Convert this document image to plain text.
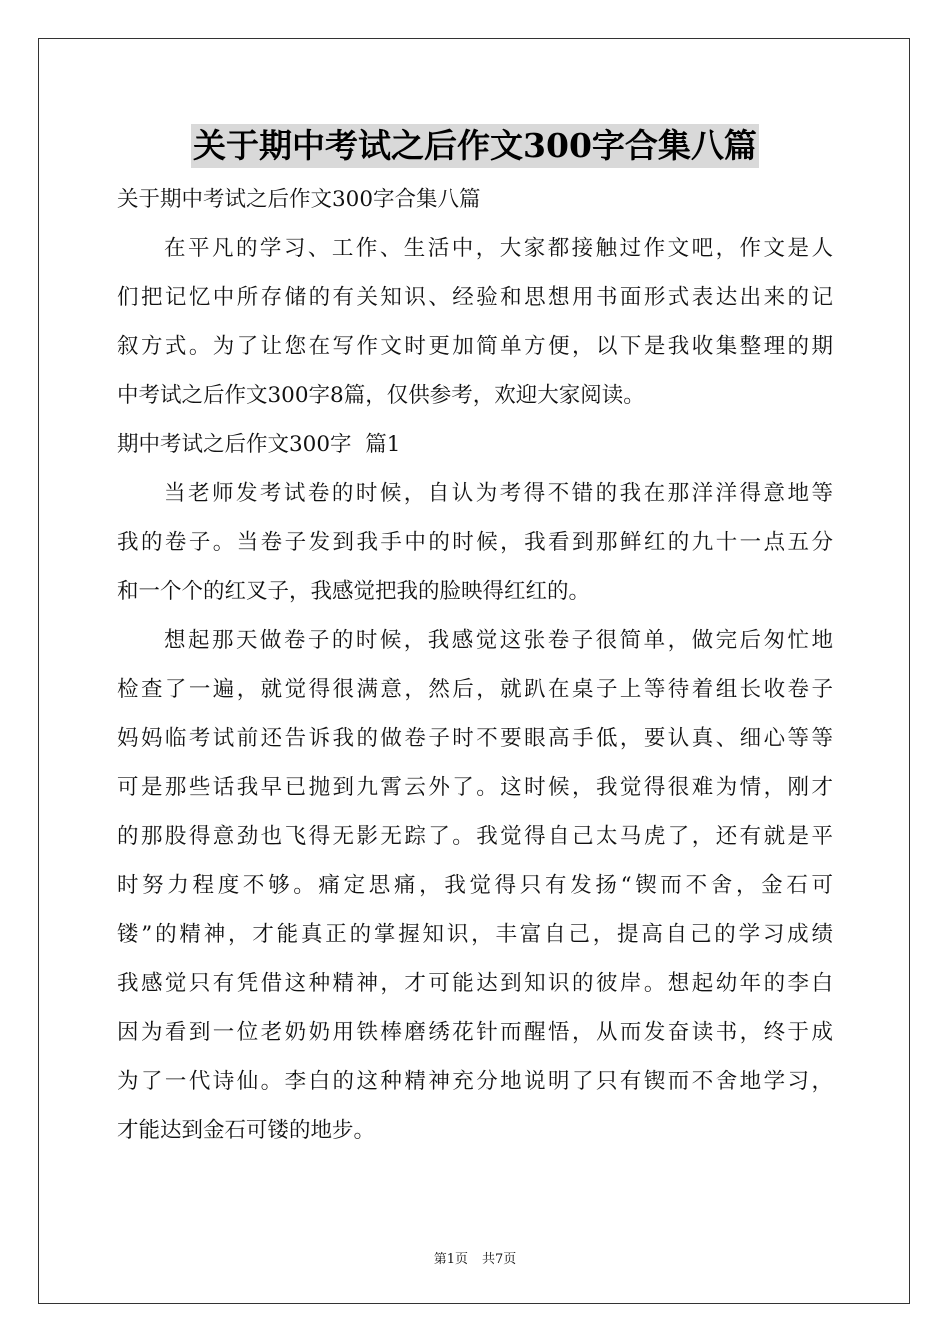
关于期中考试之后作文300字合集八篇
关于期中考试之后作文300字合集八篇
在平凡的学习、工作、生活中，大家都接触过作文吧，作文是人
们把记忆中所存储的有关知识、经验和思想用书面形式表达出来的记
叙方式。为了让您在写作文时更加简单方便，以下是我收集整理的期
中考试之后作文300字8篇，仅供参考，欢迎大家阅读。
期中考试之后作文300字  篇1
当老师发考试卷的时候，自认为考得不错的我在那洋洋得意地等
我的卷子。当卷子发到我手中的时候，我看到那鲜红的九十一点五分
和一个个的红叉子，我感觉把我的脸映得红红的。
想起那天做卷子的时候，我感觉这张卷子很简单，做完后匆忙地
检查了一遍，就觉得很满意，然后，就趴在桌子上等待着组长收卷子
妈妈临考试前还告诉我的做卷子时不要眼高手低，要认真、细心等等
可是那些话我早已抛到九霄云外了。这时候，我觉得很难为情，刚才
的那股得意劲也飞得无影无踪了。我觉得自己太马虎了，还有就是平
时努力程度不够。痛定思痛，我觉得只有发扬“锲而不舍，金石可
镂”的精神，才能真正的掌握知识，丰富自己，提高自己的学习成绩
我感觉只有凭借这种精神，才可能达到知识的彼岸。想起幼年的李白
因为看到一位老奶奶用铁棒磨绣花针而醒悟，从而发奋读书，终于成
为了一代诗仙。李白的这种精神充分地说明了只有锲而不舍地学习，
才能达到金石可镂的地步。
第1页 共7页
